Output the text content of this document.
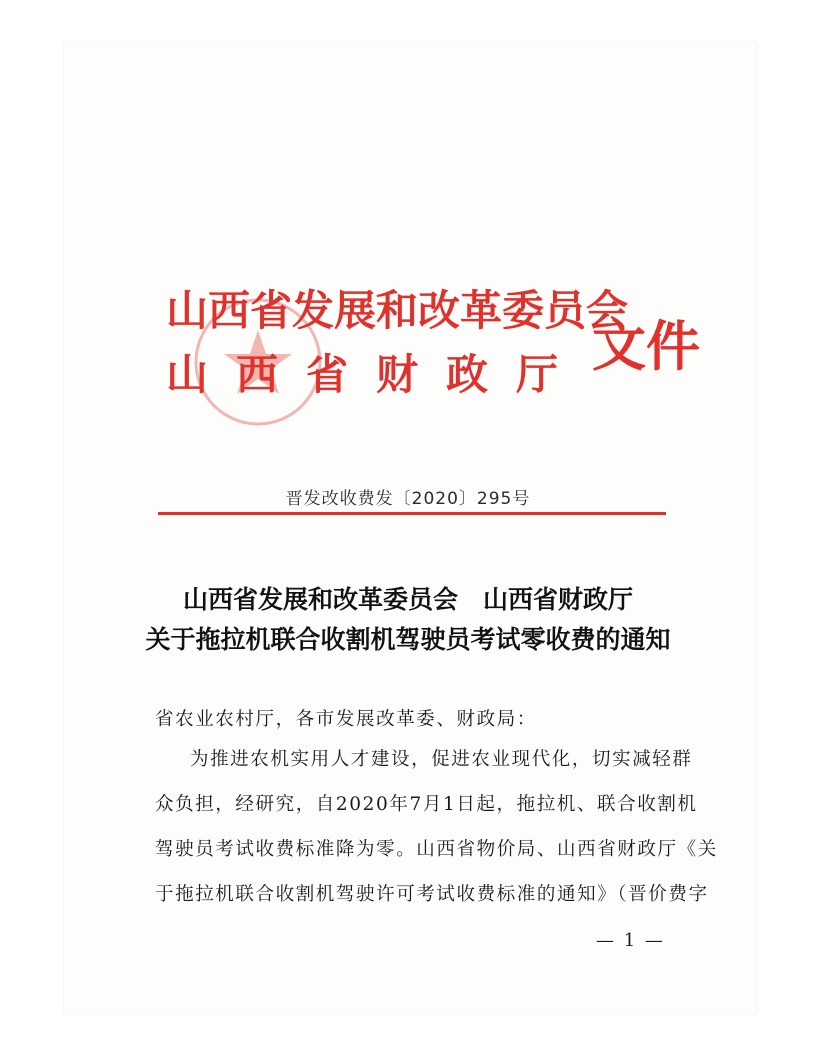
山西省发展和改革委员会
山西省财政厅 文件
晋发改收费发〔2020〕295号
山西省发展和改革委员会　山西省财政厅
关于拖拉机联合收割机驾驶员考试零收费的通知
省农业农村厅，各市发展改革委、财政局：
为推进农机实用人才建设，促进农业现代化，切实减轻群
众负担，经研究，自2020年7月1日起，拖拉机、联合收割机
驾驶员考试收费标准降为零。山西省物价局、山西省财政厅《关
于拖拉机联合收割机驾驶许可考试收费标准的通知》（晋价费字
— 1 —
